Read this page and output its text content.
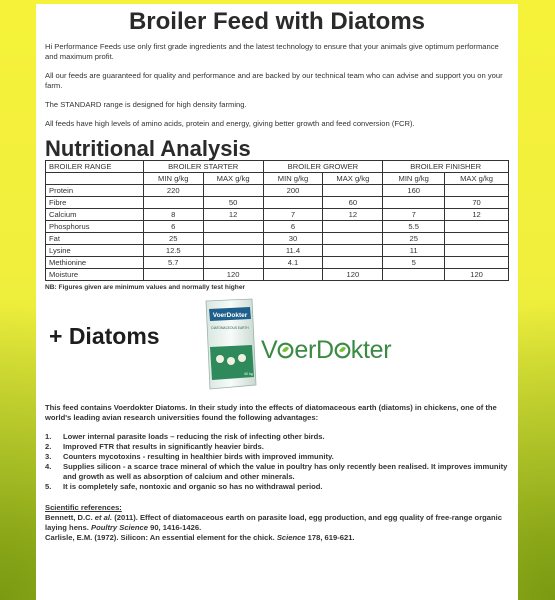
Broiler Feed with Diatoms

Hi Performance Feeds use only first grade ingredients and the latest technology to ensure that your animals give optimum performance and maximum profit.

All our feeds are guaranteed for quality and performance and are backed by our technical team who can advise and support you on your farm.

The STANDARD range is designed for high density farming.

All feeds have high levels of amino acids, protein and energy, giving better growth and feed conversion (FCR).

Nutritional Analysis
BROILER RANGE	BROILER STARTER		BROILER GROWER		BROILER FINISHER	
	MIN g/kg	MAX g/kg	MIN g/kg	MAX g/kg	MIN g/kg	MAX g/kg
Protein	220		200		160	
Fibre		50		60		70
Calcium	8	12	7	12	7	12
Phosphorus	6		6		5.5	
Fat	25		30		25	
Lysine	12.5		11.4		11	
Methionine	5.7		4.1		5	
Moisture		120		120		120
NB: Figures given are minimum values and normally test higher
+ Diatoms
VoerDokter
DIATOMACEOUS EARTH
40 kg
V erD kter

This feed contains Voerdokter Diatoms. In their study into the effects of diatomaceous earth (diatoms) in chickens, one of the world's leading avian research universities found the following advantages:

1. Lower internal parasite loads – reducing the risk of infecting other birds.
2. Improved FTR that results in significantly heavier birds.
3. Counters mycotoxins - resulting in healthier birds with improved immunity.
4. Supplies silicon - a scarce trace mineral of which the value in poultry has only recently been realised. It improves immunity and growth as well as absorption of calcium and other minerals.
5. It is completely safe, nontoxic and organic so has no withdrawal period.

Scientific references:

Bennett, D.C. et al. (2011). Effect of diatomaceous earth on parasite load, egg production, and egg quality of free-range organic laying hens. Poultry Science 90, 1416-1426.

Carlisle, E.M. (1972). Silicon: An essential element for the chick. Science 178, 619-621.
